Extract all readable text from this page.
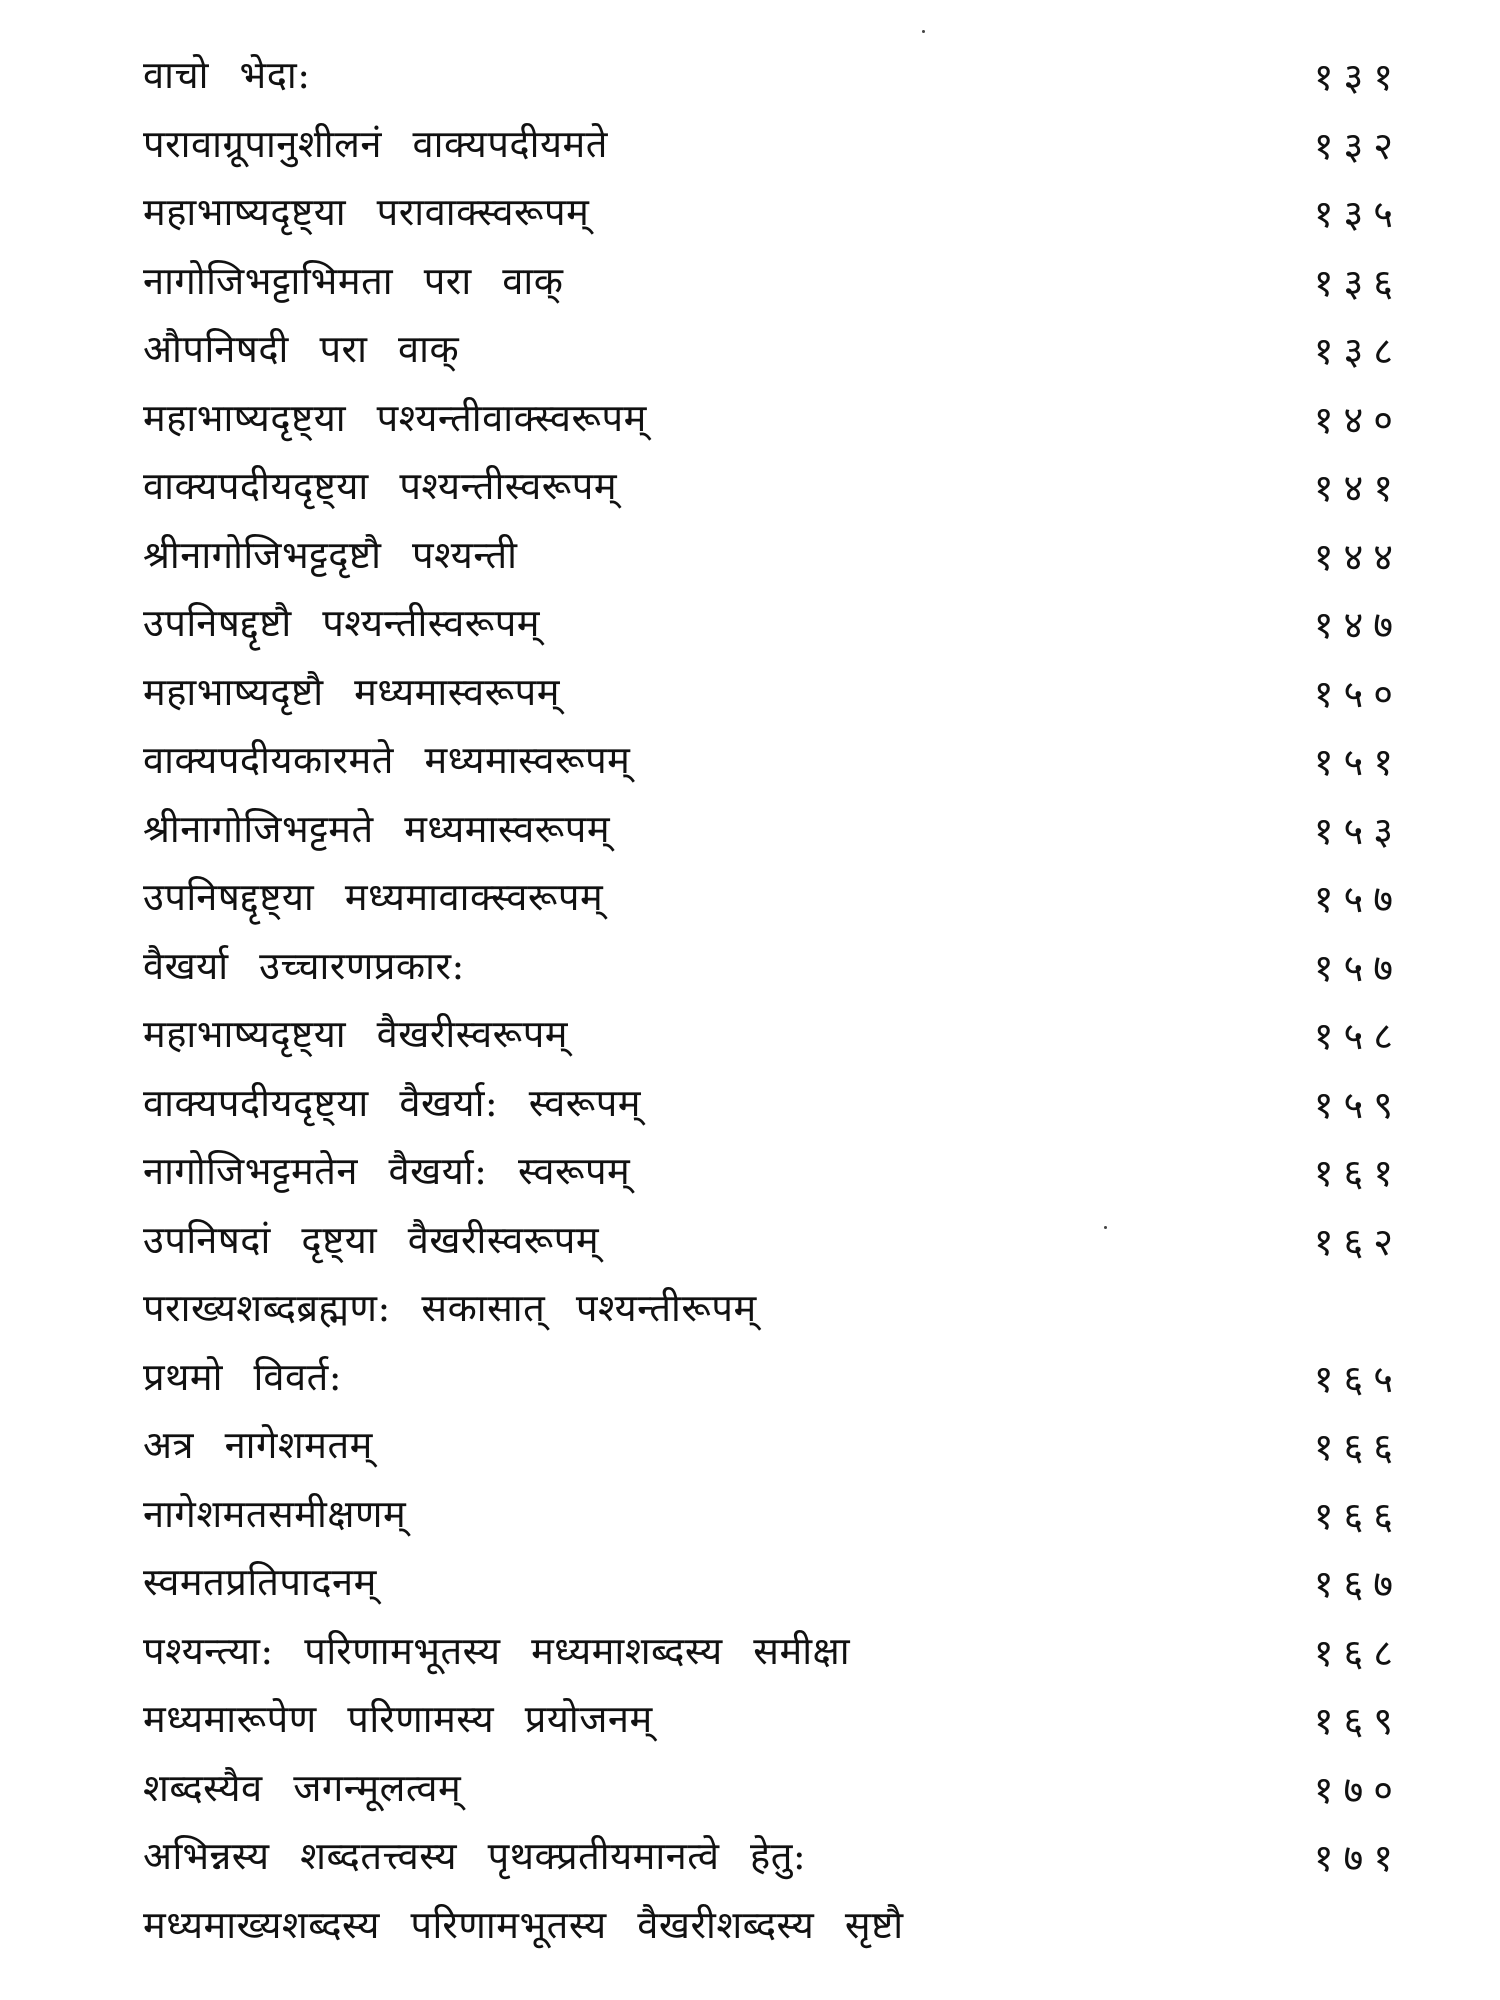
वाचो भेदा:	१३१
परावाग्रूपानुशीलनं वाक्यपदीयमते	१३२
महाभाष्यदृष्ट्या परावाक्स्वरूपम्	१३५
नागोजिभट्टाभिमता परा वाक्	१३६
औपनिषदी परा वाक्	१३८
महाभाष्यदृष्ट्या पश्यन्तीवाक्स्वरूपम्	१४०
वाक्यपदीयदृष्ट्या पश्यन्तीस्वरूपम्	१४१
श्रीनागोजिभट्टदृष्टौ पश्यन्ती	१४४
उपनिषद्दृष्टौ पश्यन्तीस्वरूपम्	१४७
महाभाष्यदृष्टौ मध्यमास्वरूपम्	१५०
वाक्यपदीयकारमते मध्यमास्वरूपम्	१५१
श्रीनागोजिभट्टमते मध्यमास्वरूपम्	१५३
उपनिषद्दृष्ट्या मध्यमावाक्स्वरूपम्	१५७
वैखर्या उच्चारणप्रकार:	१५७
महाभाष्यदृष्ट्या वैखरीस्वरूपम्	१५८
वाक्यपदीयदृष्ट्या वैखर्या: स्वरूपम्	१५९
नागोजिभट्टमतेन वैखर्या: स्वरूपम्	१६१
उपनिषदां दृष्ट्या वैखरीस्वरूपम्	१६२
पराख्यशब्दब्रह्मण: सकासात् पश्यन्तीरूपम्
प्रथमो विवर्त:	१६५
अत्र नागेशमतम्	१६६
नागेशमतसमीक्षणम्	१६६
स्वमतप्रतिपादनम्	१६७
पश्यन्त्या: परिणामभूतस्य मध्यमाशब्दस्य समीक्षा	१६८
मध्यमारूपेण परिणामस्य प्रयोजनम्	१६९
शब्दस्यैव जगन्मूलत्वम्	१७०
अभिन्नस्य शब्दतत्त्वस्य पृथक्प्रतीयमानत्वे हेतु:	१७१
मध्यमाख्यशब्दस्य परिणामभूतस्य वैखरीशब्दस्य सृष्टौ
